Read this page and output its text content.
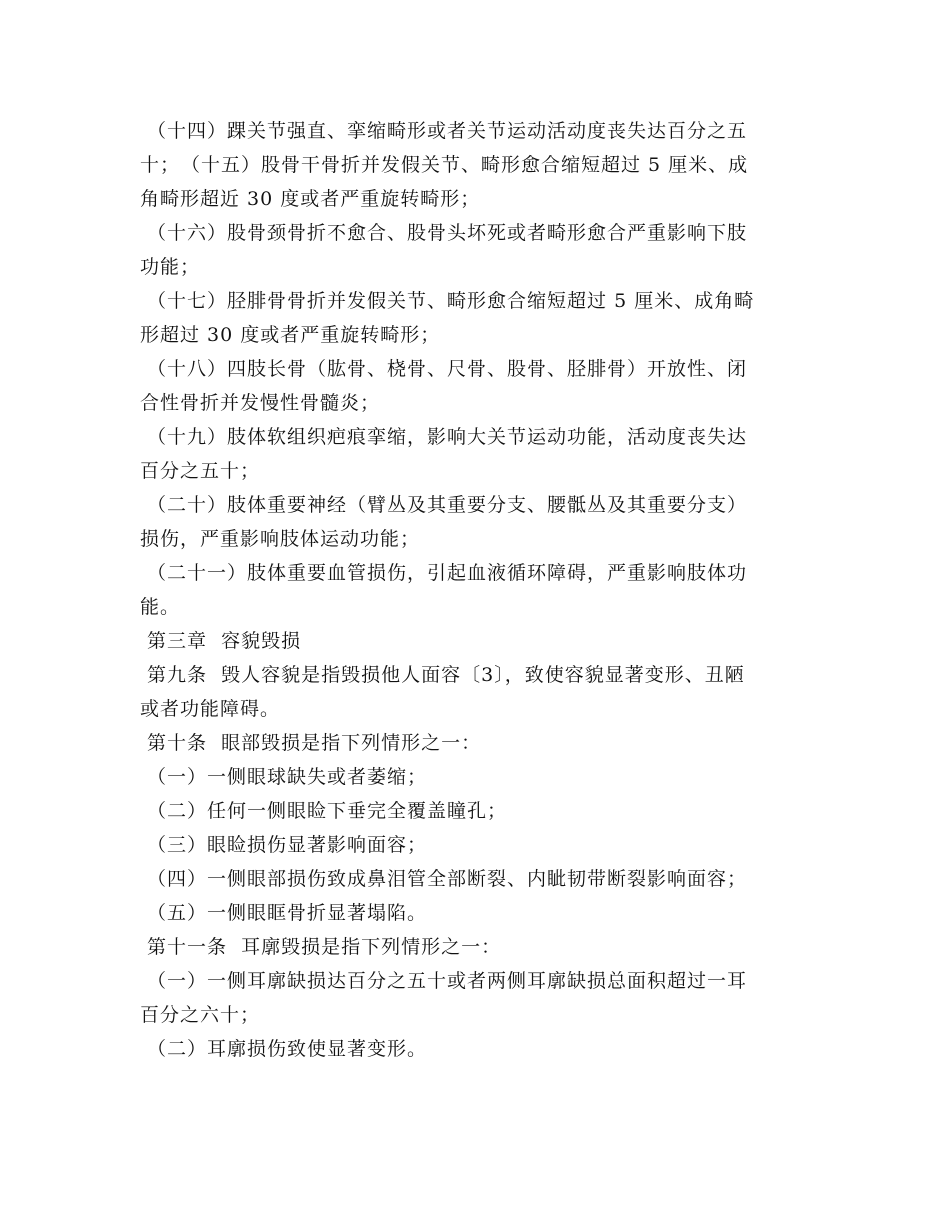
（十四）踝关节强直、挛缩畸形或者关节运动活动度丧失达百分之五
十；　（十五）股骨干骨折并发假关节、畸形愈合缩短超过 5 厘米、成
角畸形超近 30 度或者严重旋转畸形；
（十六）股骨颈骨折不愈合、股骨头坏死或者畸形愈合严重影响下肢
功能；
（十七）胫腓骨骨折并发假关节、畸形愈合缩短超过 5 厘米、成角畸
形超过 30 度或者严重旋转畸形；
（十八）四肢长骨（肱骨、桡骨、尺骨、股骨、胫腓骨）开放性、闭
合性骨折并发慢性骨髓炎；
（十九）肢体软组织疤痕挛缩，影响大关节运动功能，活动度丧失达
百分之五十；
（二十）肢体重要神经（臂丛及其重要分支、腰骶丛及其重要分支）
损伤，严重影响肢体运动功能；
（二十一）肢体重要血管损伤，引起血液循环障碍，严重影响肢体功
能。
第三章  容貌毁损
第九条  毁人容貌是指毁损他人面容〔3〕，致使容貌显著变形、丑陋
或者功能障碍。
第十条  眼部毁损是指下列情形之一：
（一）一侧眼球缺失或者萎缩；
（二）任何一侧眼睑下垂完全覆盖瞳孔；
（三）眼睑损伤显著影响面容；
（四）一侧眼部损伤致成鼻泪管全部断裂、内眦韧带断裂影响面容；
（五）一侧眼眶骨折显著塌陷。
第十一条  耳廓毁损是指下列情形之一：
（一）一侧耳廓缺损达百分之五十或者两侧耳廓缺损总面积超过一耳
百分之六十；
（二）耳廓损伤致使显著变形。
